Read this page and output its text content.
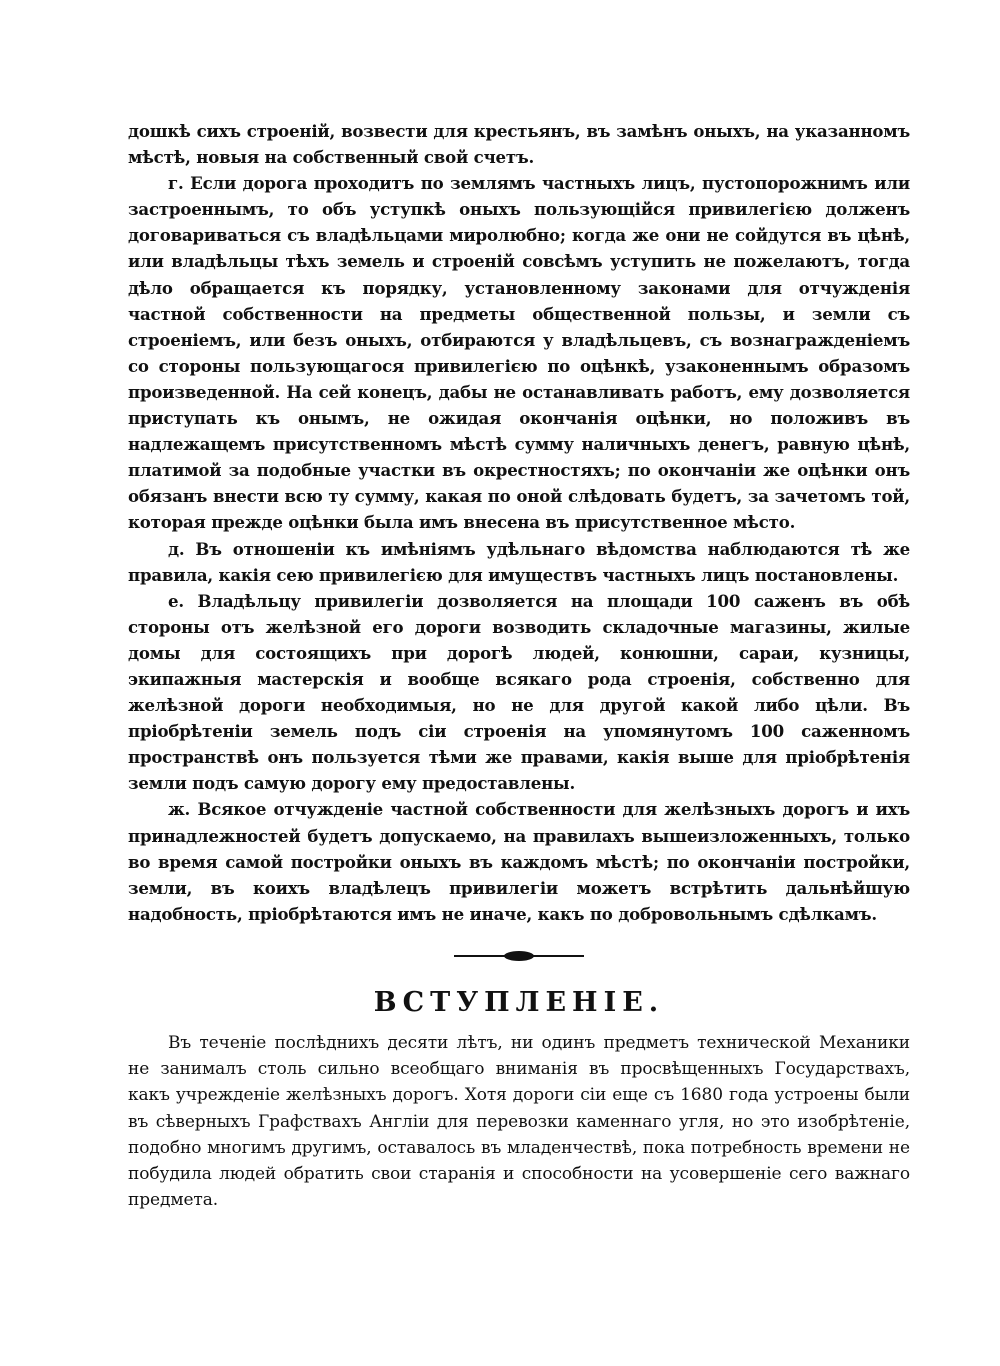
дошкѣ сихъ строеній, возвести для крестьянъ, въ замѣнъ оныхъ, на указанномъ мѣстѣ, новыя на собственный свой счетъ.

г. Если дорога проходитъ по землямъ частныхъ лицъ, пустопорожнимъ или застроеннымъ, то объ уступкѣ оныхъ пользующійся привилегією долженъ договариваться съ владѣльцами миролюбно; когда же они не сойдутся въ цѣнѣ, или владѣльцы тѣхъ земель и строеній совсѣмъ уступить не пожелаютъ, тогда дѣло обращается къ порядку, установленному законами для отчужденія частной собственности на предметы общественной пользы, и земли съ строеніемъ, или безъ оныхъ, отбираются у владѣльцевъ, съ вознагражденіемъ со стороны пользующагося привилегією по оцѣнкѣ, узаконеннымъ образомъ произведенной. На сей конецъ, дабы не останавливать работъ, ему дозволяется приступать къ онымъ, не ожидая окончанія оцѣнки, но положивъ въ надлежащемъ присутственномъ мѣстѣ сумму наличныхъ денегъ, равную цѣнѣ, платимой за подобные участки въ окрестностяхъ; по окончаніи же оцѣнки онъ обязанъ внести всю ту сумму, какая по оной слѣдовать будетъ, за зачетомъ той, которая прежде оцѣнки была имъ внесена въ присутственное мѣсто.

д. Въ отношеніи къ имѣніямъ удѣльнаго вѣдомства наблюдаются тѣ же правила, какія сею привилегією для имуществъ частныхъ лицъ постановлены.

е. Владѣльцу привилегіи дозволяется на площади 100 саженъ въ обѣ стороны отъ желѣзной его дороги возводить складочные магазины, жилые домы для состоящихъ при дорогѣ людей, конюшни, сараи, кузницы, экипажныя мастерскія и вообще всякаго рода строенія, собственно для желѣзной дороги необходимыя, но не для другой какой либо цѣли. Въ пріобрѣтеніи земель подъ сіи строенія на упомянутомъ 100 саженномъ пространствѣ онъ пользуется тѣми же правами, какія выше для пріобрѣтенія земли подъ самую дорогу ему предоставлены.

ж. Всякое отчужденіе частной собственности для желѣзныхъ дорогъ и ихъ принадлежностей будетъ допускаемо, на правилахъ вышеизложенныхъ, только во время самой постройки оныхъ въ каждомъ мѣстѣ; по окончаніи постройки, земли, въ коихъ владѣлецъ привилегіи можетъ встрѣтить дальнѣйшую надобность, пріобрѣтаются имъ не иначе, какъ по добровольнымъ сдѣлкамъ.

ВСТУПЛЕНІЕ.

Въ теченіе послѣднихъ десяти лѣтъ, ни одинъ предметъ технической Механики не занималъ столь сильно всеобщаго вниманія въ просвѣщенныхъ Государствахъ, какъ учрежденіе желѣзныхъ дорогъ. Хотя дороги сіи еще съ 1680 года устроены были въ сѣверныхъ Графствахъ Англіи для перевозки каменнаго угля, но это изобрѣтеніе, подобно многимъ другимъ, оставалось въ младенчествѣ, пока потребность времени не побудила людей обратить свои старанія и способности на усовершеніе сего важнаго предмета.
